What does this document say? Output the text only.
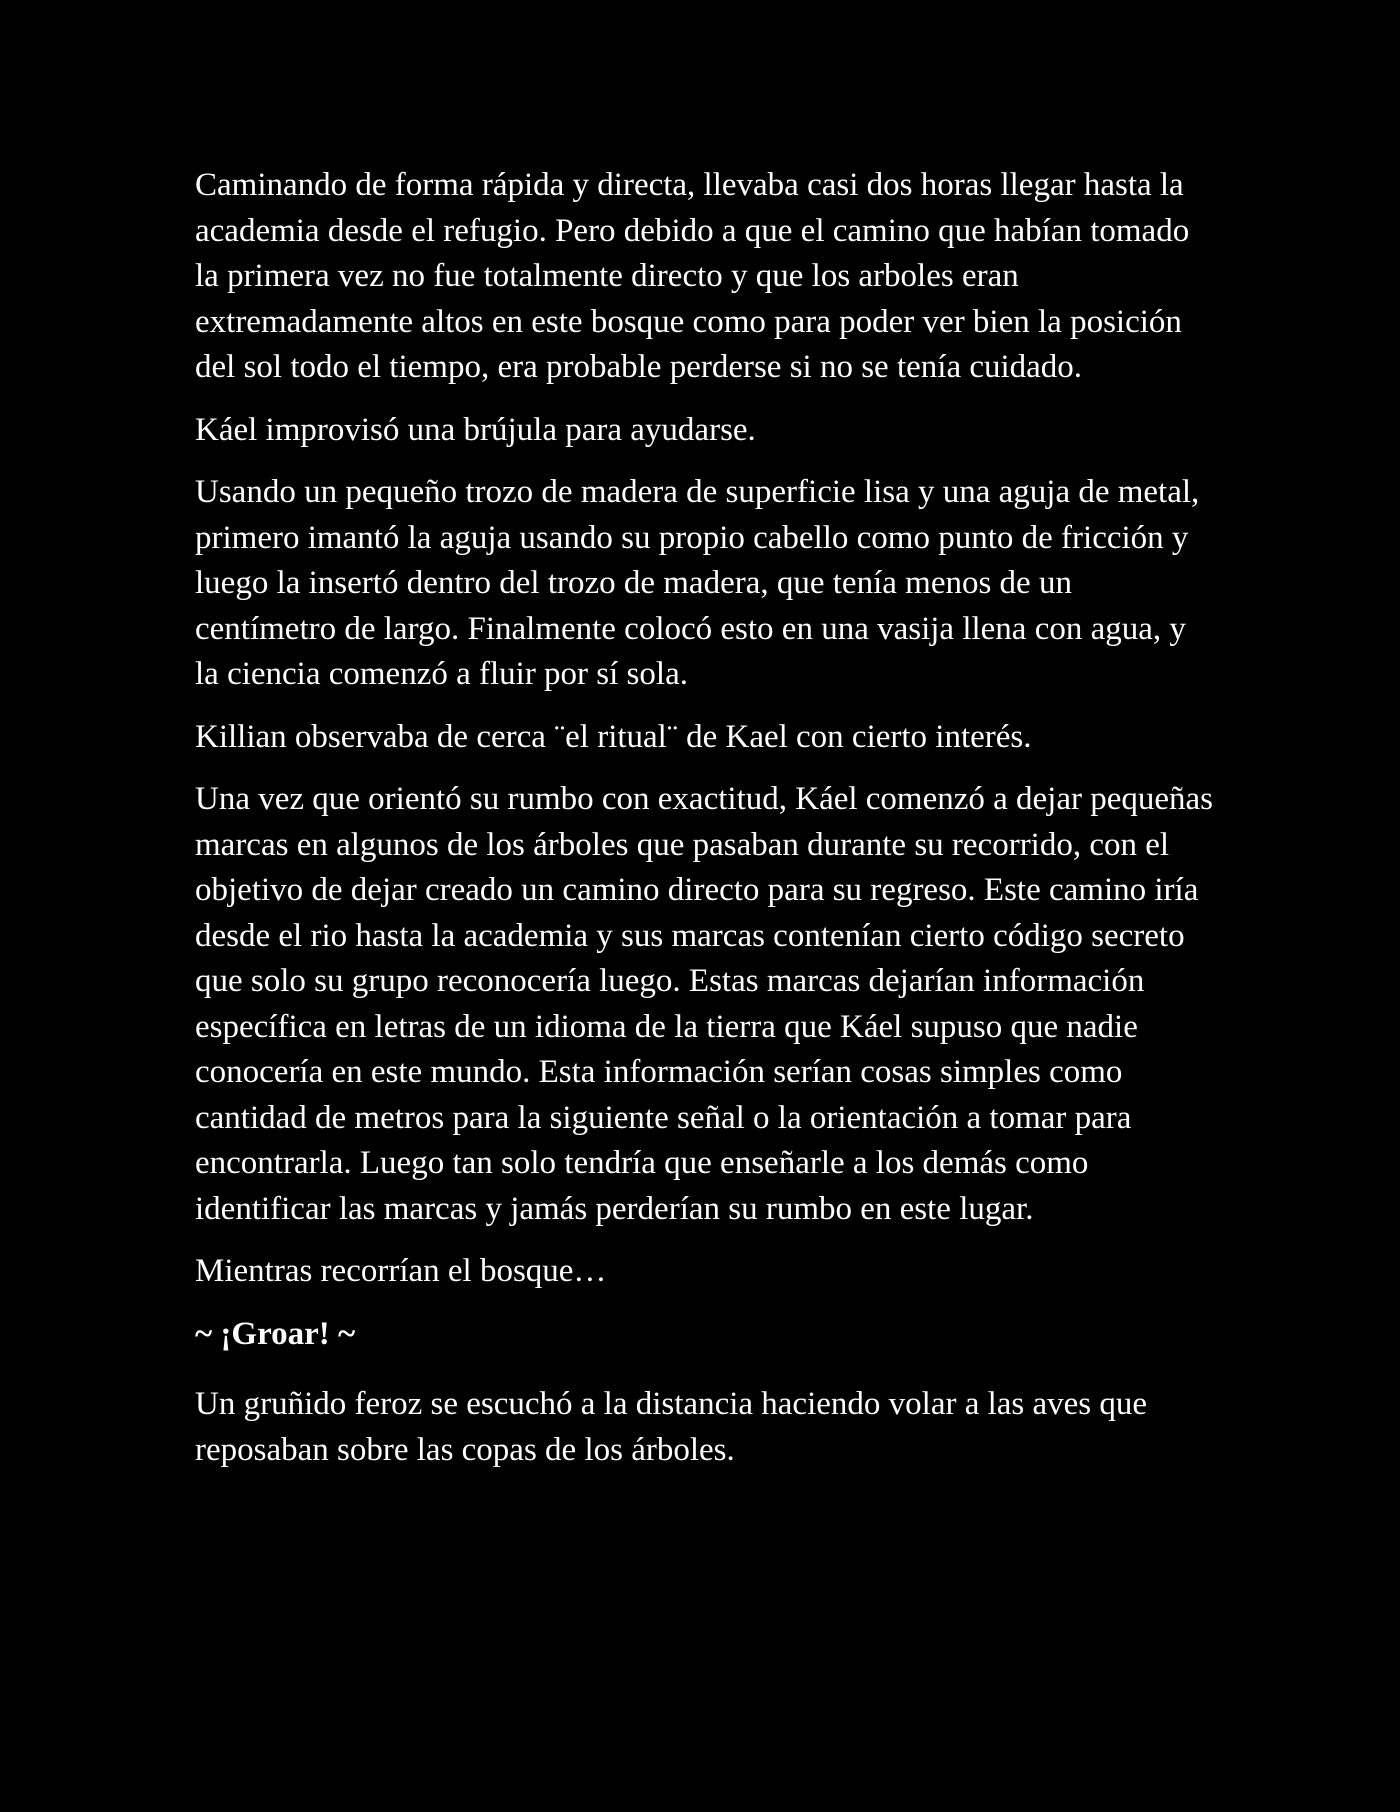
Caminando de forma rápida y directa, llevaba casi dos horas llegar hasta la academia desde el refugio. Pero debido a que el camino que habían tomado la primera vez no fue totalmente directo y que los arboles eran extremadamente altos en este bosque como para poder ver bien la posición del sol todo el tiempo, era probable perderse si no se tenía cuidado.

Káel improvisó una brújula para ayudarse.

Usando un pequeño trozo de madera de superficie lisa y una aguja de metal, primero imantó la aguja usando su propio cabello como punto de fricción y luego la insertó dentro del trozo de madera, que tenía menos de un centímetro de largo. Finalmente colocó esto en una vasija llena con agua, y la ciencia comenzó a fluir por sí sola.

Killian observaba de cerca ¨el ritual¨ de Kael con cierto interés.

Una vez que orientó su rumbo con exactitud, Káel comenzó a dejar pequeñas marcas en algunos de los árboles que pasaban durante su recorrido, con el objetivo de dejar creado un camino directo para su regreso. Este camino iría desde el rio hasta la academia y sus marcas contenían cierto código secreto que solo su grupo reconocería luego. Estas marcas dejarían información específica en letras de un idioma de la tierra que Káel supuso que nadie conocería en este mundo. Esta información serían cosas simples como cantidad de metros para la siguiente señal o la orientación a tomar para encontrarla. Luego tan solo tendría que enseñarle a los demás como identificar las marcas y jamás perderían su rumbo en este lugar.

Mientras recorrían el bosque…

~ ¡Groar! ~

Un gruñido feroz se escuchó a la distancia haciendo volar a las aves que reposaban sobre las copas de los árboles.
